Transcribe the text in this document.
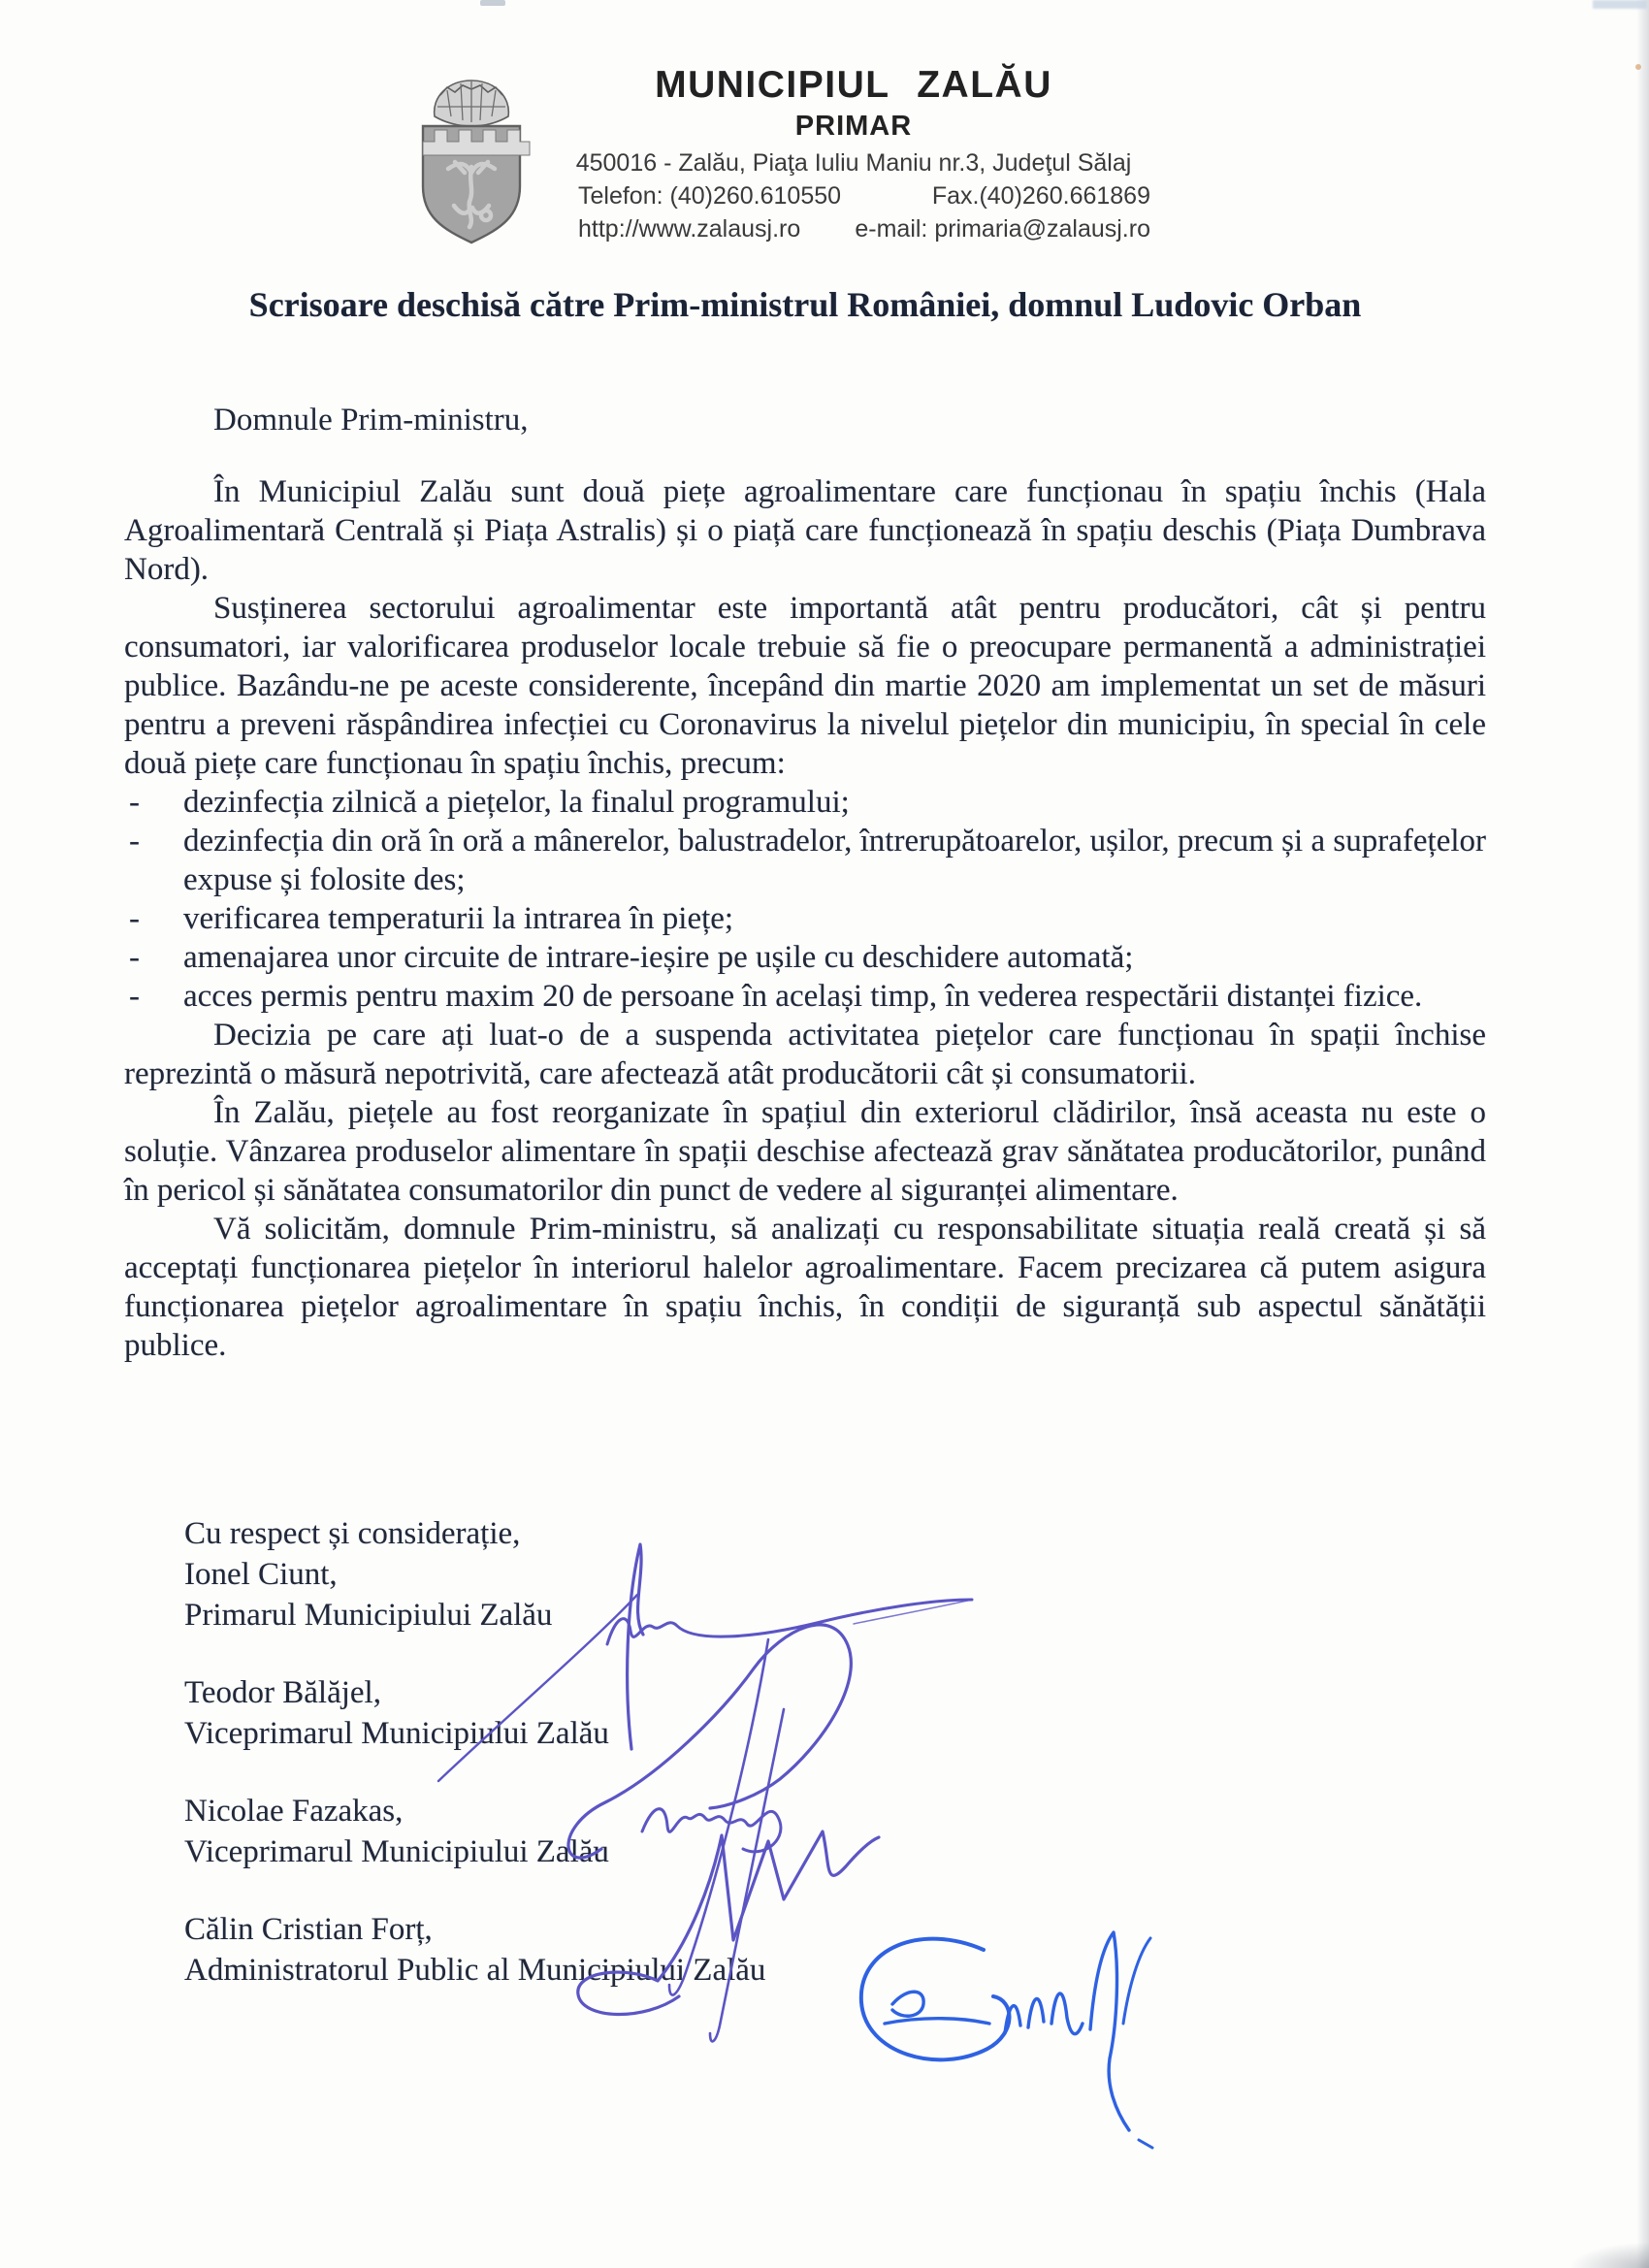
MUNICIPIUL ZALĂU
PRIMAR
450016 - Zalău, Piaţa Iuliu Maniu nr.3, Judeţul Sălaj
Telefon: (40)260.610550	Fax.(40)260.661869
http://www.zalausj.ro e-mail: primaria@zalausj.ro
Scrisoare deschisă către Prim-ministrul României, domnul Ludovic Orban

Domnule Prim-ministru,

În Municipiul Zalău sunt două piețe agroalimentare care funcționau în spațiu închis (Hala Agroalimentară Centrală și Piața Astralis) și o piață care funcționează în spațiu deschis (Piața Dumbrava Nord).

Susținerea sectorului agroalimentar este importantă atât pentru producători, cât și pentru consumatori, iar valorificarea produselor locale trebuie să fie o preocupare permanentă a administrației publice. Bazându-ne pe aceste considerente, începând din martie 2020 am implementat un set de măsuri pentru a preveni răspândirea infecției cu Coronavirus la nivelul piețelor din municipiu, în special în cele două piețe care funcționau în spațiu închis, precum:

- dezinfecția zilnică a piețelor, la finalul programului;
- dezinfecția din oră în oră a mânerelor, balustradelor, întrerupătoarelor, ușilor, precum și a suprafețelor expuse și folosite des;
- verificarea temperaturii la intrarea în piețe;
- amenajarea unor circuite de intrare-ieșire pe ușile cu deschidere automată;
- acces permis pentru maxim 20 de persoane în același timp, în vederea respectării distanței fizice.

Decizia pe care ați luat-o de a suspenda activitatea piețelor care funcționau în spații închise reprezintă o măsură nepotrivită, care afectează atât producătorii cât și consumatorii.

În Zalău, piețele au fost reorganizate în spațiul din exteriorul clădirilor, însă aceasta nu este o soluție. Vânzarea produselor alimentare în spații deschise afectează grav sănătatea producătorilor, punând în pericol și sănătatea consumatorilor din punct de vedere al siguranței alimentare.

Vă solicităm, domnule Prim-ministru, să analizați cu responsabilitate situația reală creată și să acceptați funcționarea piețelor în interiorul halelor agroalimentare. Facem precizarea că putem asigura funcționarea piețelor agroalimentare în spațiu închis, în condiții de siguranță sub aspectul sănătății publice.

Cu respect și considerație,

Ionel Ciunt,

Primarul Municipiului Zalău

Teodor Bălăjel,

Viceprimarul Municipiului Zalău

Nicolae Fazakas,

Viceprimarul Municipiului Zalău

Călin Cristian Forț,

Administratorul Public al Municipiului Zalău
